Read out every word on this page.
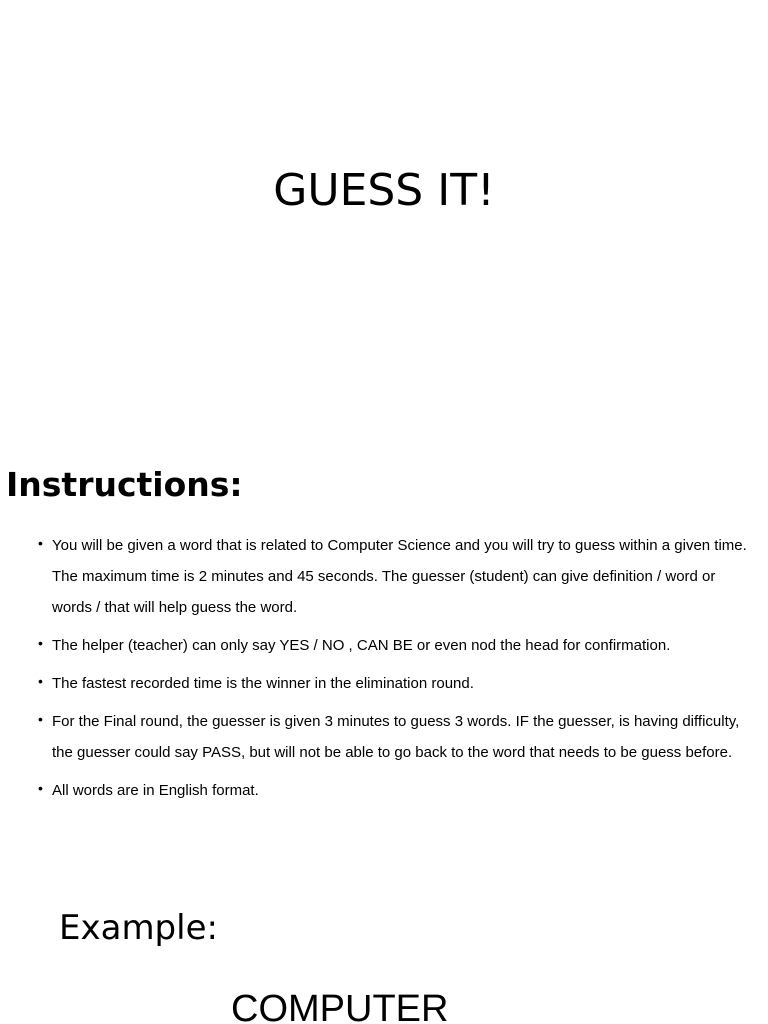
GUESS IT!
Instructions:
• You will be given a word that is related to Computer Science and you will try to guess within a given time. The maximum time is 2 minutes and 45 seconds. The guesser (student) can give definition / word or words / that will help guess the word.
• The helper (teacher) can only say YES / NO , CAN BE or even nod the head for confirmation.
• The fastest recorded time is the winner in the elimination round.
• For the Final round, the guesser is given 3 minutes to guess 3 words. IF the guesser, is having difficulty, the guesser could say PASS, but will not be able to go back to the word that needs to be guess before.
• All words are in English format.
Example:
COMPUTER
